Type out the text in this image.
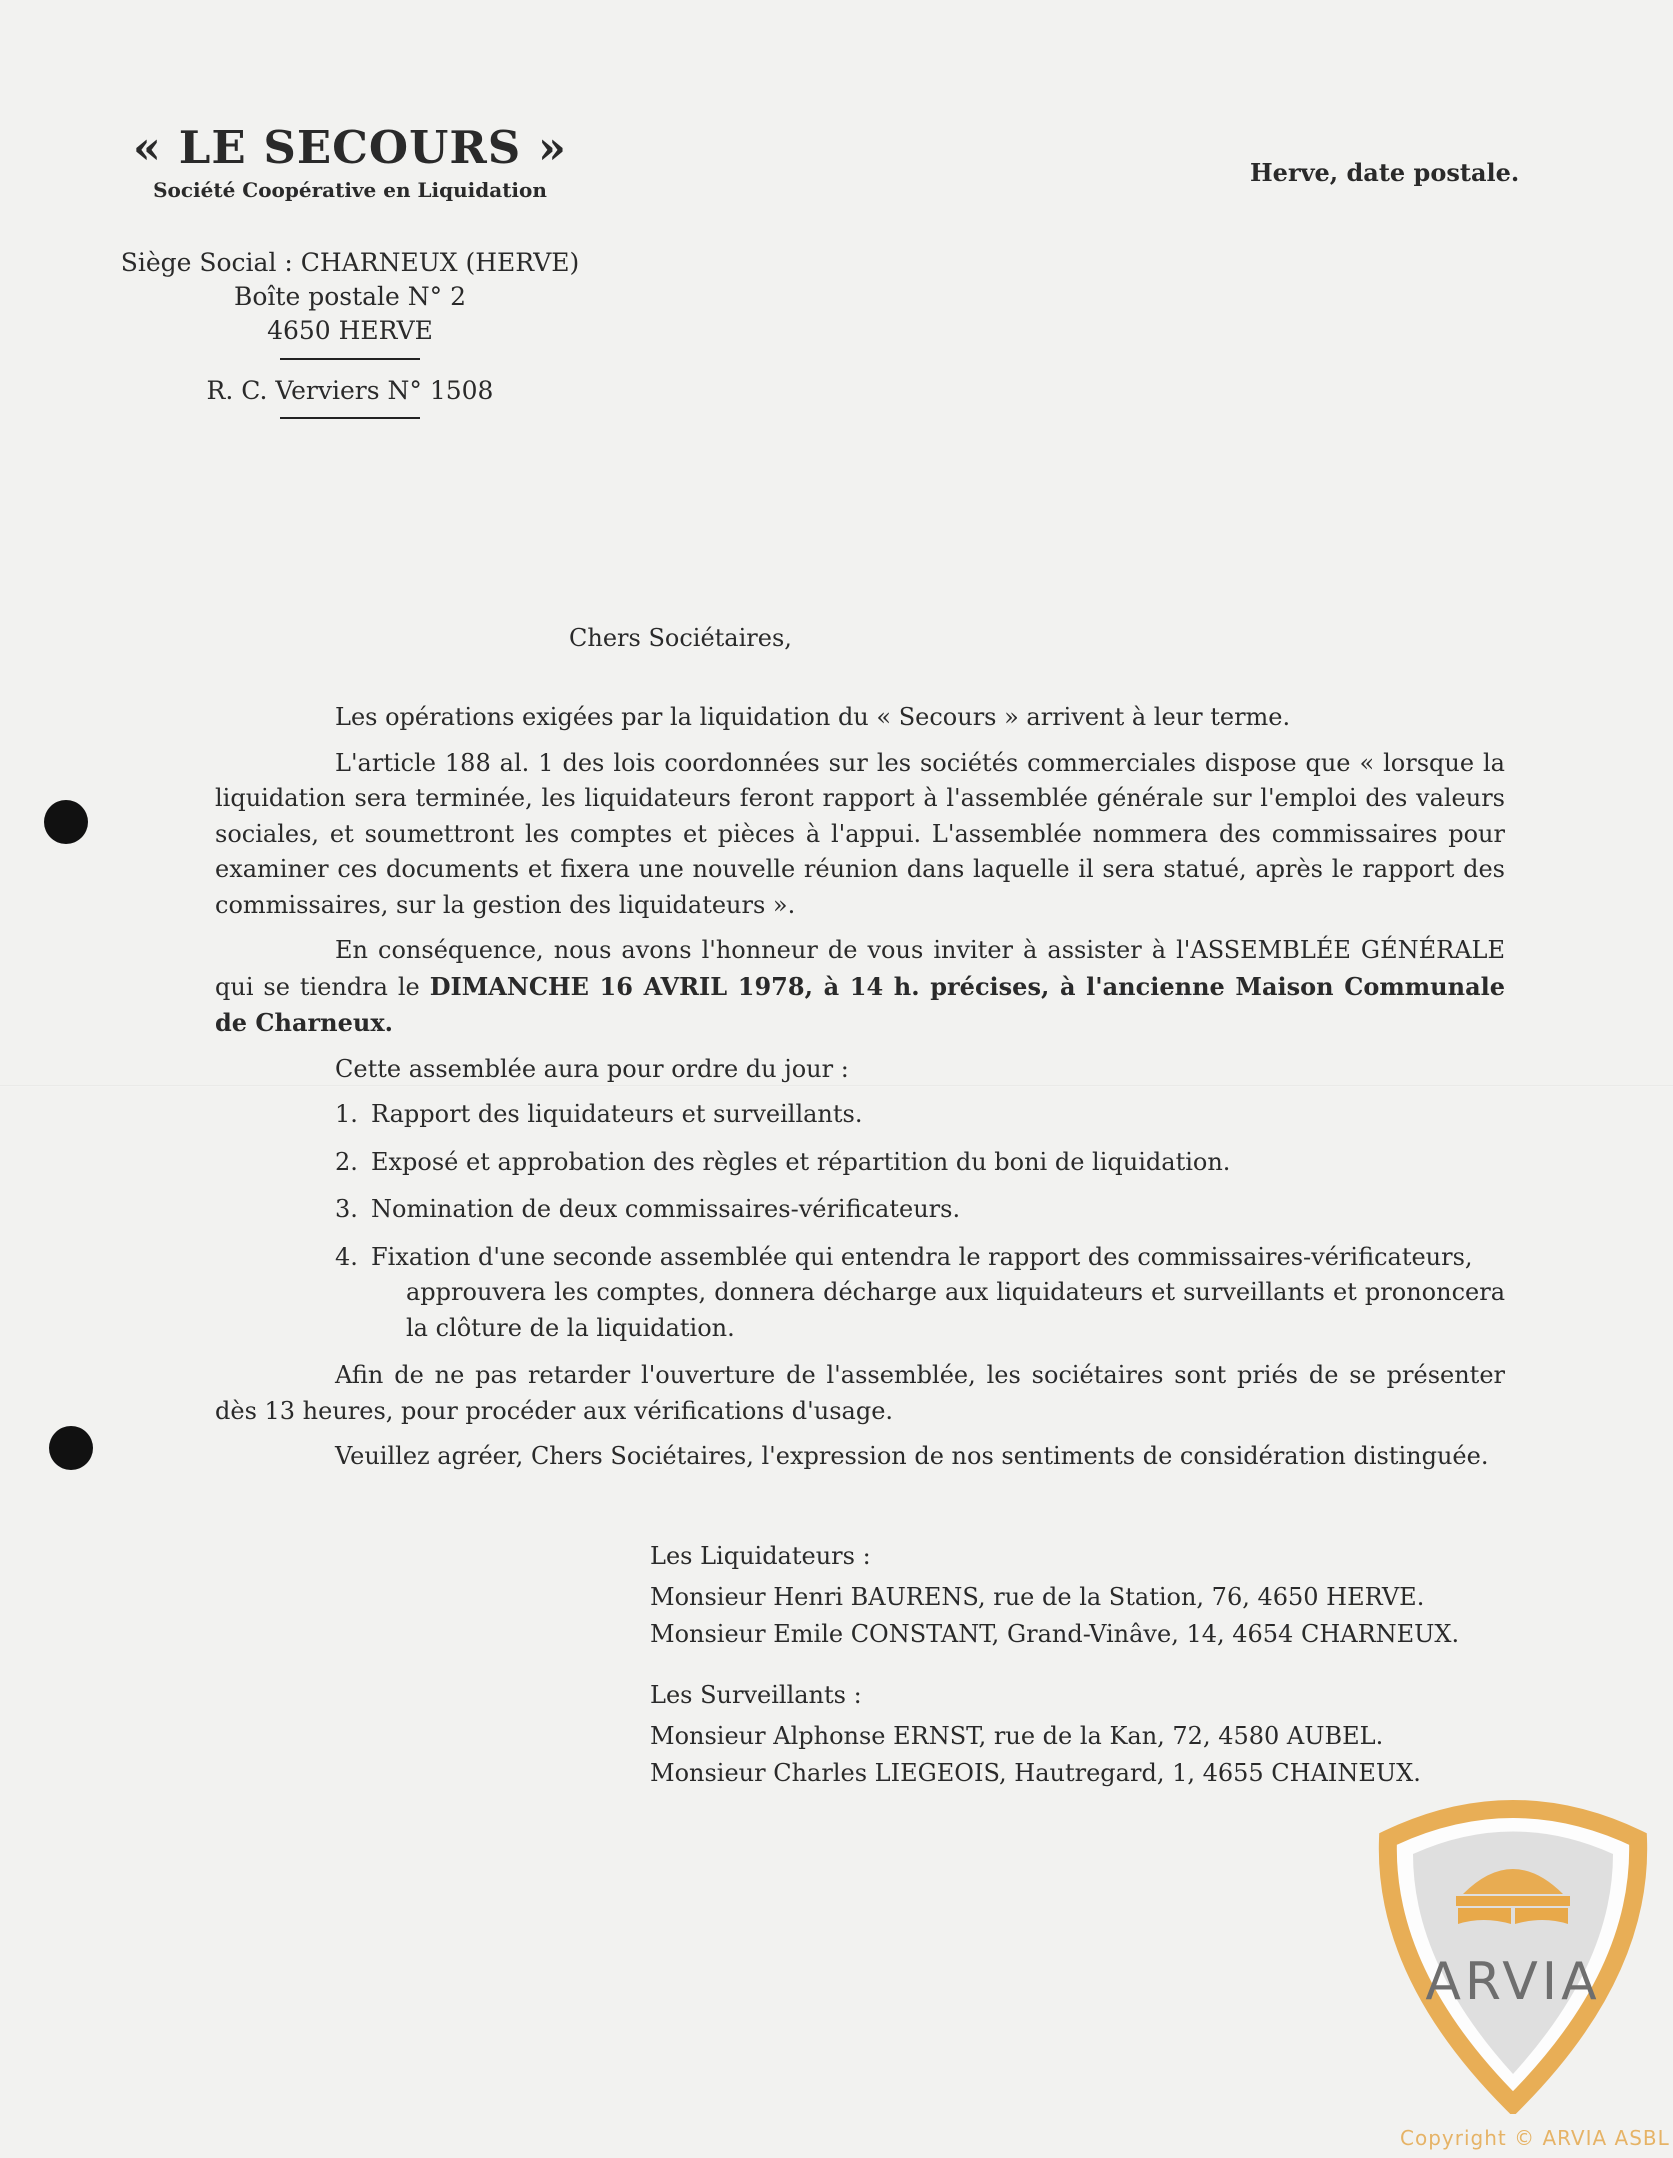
« LE SECOURS »
Société Coopérative en Liquidation
Siège Social : CHARNEUX (HERVE)
Boîte postale N° 2
4650 HERVE
R. C. Verviers N° 1508
Herve, date postale.
Chers Sociétaires,

Les opérations exigées par la liquidation du « Secours » arrivent à leur terme.

L'article 188 al. 1 des lois coordonnées sur les sociétés commerciales dispose que « lorsque la liquidation sera terminée, les liquidateurs feront rapport à l'assemblée générale sur l'emploi des valeurs sociales, et soumettront les comptes et pièces à l'appui. L'assemblée nommera des commissaires pour examiner ces documents et fixera une nouvelle réunion dans laquelle il sera statué, après le rapport des commissaires, sur la gestion des liquidateurs ».

En conséquence, nous avons l'honneur de vous inviter à assister à l'ASSEMBLÉE GÉNÉRALE qui se tiendra le DIMANCHE 16 AVRIL 1978, à 14 h. précises, à l'ancienne Maison Communale de Charneux.

Cette assemblée aura pour ordre du jour :

1. Rapport des liquidateurs et surveillants.
2. Exposé et approbation des règles et répartition du boni de liquidation.
3. Nomination de deux commissaires-vérificateurs.
4. Fixation d'une seconde assemblée qui entendra le rapport des commissaires-vérificateurs,
approuvera les comptes, donnera décharge aux liquidateurs et surveillants et prononcera la clôture de la liquidation.

Afin de ne pas retarder l'ouverture de l'assemblée, les sociétaires sont priés de se présenter dès 13 heures, pour procéder aux vérifications d'usage.

Veuillez agréer, Chers Sociétaires, l'expression de nos sentiments de considération distinguée.

Les Liquidateurs :
Monsieur Henri BAURENS, rue de la Station, 76, 4650 HERVE.
Monsieur Emile CONSTANT, Grand-Vinâve, 14, 4654 CHARNEUX.
Les Surveillants :
Monsieur Alphonse ERNST, rue de la Kan, 72, 4580 AUBEL.
Monsieur Charles LIEGEOIS, Hautregard, 1, 4655 CHAINEUX.
ARVIA
Copyright © ARVIA ASBL
